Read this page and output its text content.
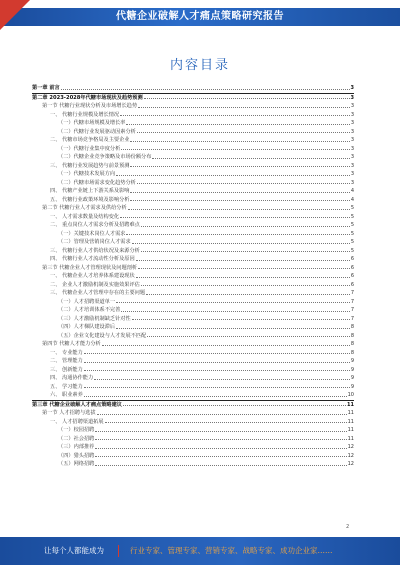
代糖企业破解人才痛点策略研究报告
内容目录
第一章 前言	3
第二章 2023-2028年代糖市场现状及趋势预测	3
第一节 代糖行业现状分析及市场增长趋势	3
一、 代糖行业规模及增长情况	3
（一）代糖市场规模及增长率	3
（二）代糖行业发展驱动因素分析	3
二、 代糖市场竞争格局及主要企业	3
（一）代糖行业集中度分析	3
（二）代糖企业竞争策略及市场份额分布	3
三、 代糖行业发展趋势与前景预测	3
（一）代糖技术发展方向	3
（二）代糖市场需求变化趋势分析	3
四、 代糖产业链上下游关系及影响	4
五、 代糖行业政策环境及影响分析	4
第二节 代糖行业人才需求及供给分析	5
一、 人才需求数量及结构变化	5
二、 重点岗位人才需求分析及招聘难点	5
（一）关键技术岗位人才需求	5
（二）管理及营销岗位人才需求	5
三、 代糖行业人才供给状况及来源分析	5
四、 代糖行业人才流动性分析及原因	6
第三节 代糖企业人才管理现状及问题剖析	6
一、 代糖企业人才培养体系建设现状	6
二、 企业人才激励机制及实施效果评估	6
三、 代糖企业人才管理中存在的主要问题	7
（一）人才招聘渠道单一	7
（二）人才培训体系不完善	7
（三）人才激励机制缺乏针对性	7
（四）人才梯队建设滞后	8
（五）企业文化建设与人才发展不匹配	8
第四节 代糖人才能力分析	8
一、 专业能力	8
二、 管理能力	9
三、 创新能力	9
四、 沟通协作能力	9
五、 学习能力	9
六、 职业素养	10
第三章 代糖企业破解人才痛点策略建议	11
第一节 人才招聘与选拔	11
一、 人才招聘渠道拓展	11
（一）校园招聘	11
（二）社会招聘	11
（三）内部推荐	12
（四）猎头招聘	12
（五）网络招聘	12
2
让每个人都能成为	行业专家、管理专家、营销专家、战略专家、成功企业家……
